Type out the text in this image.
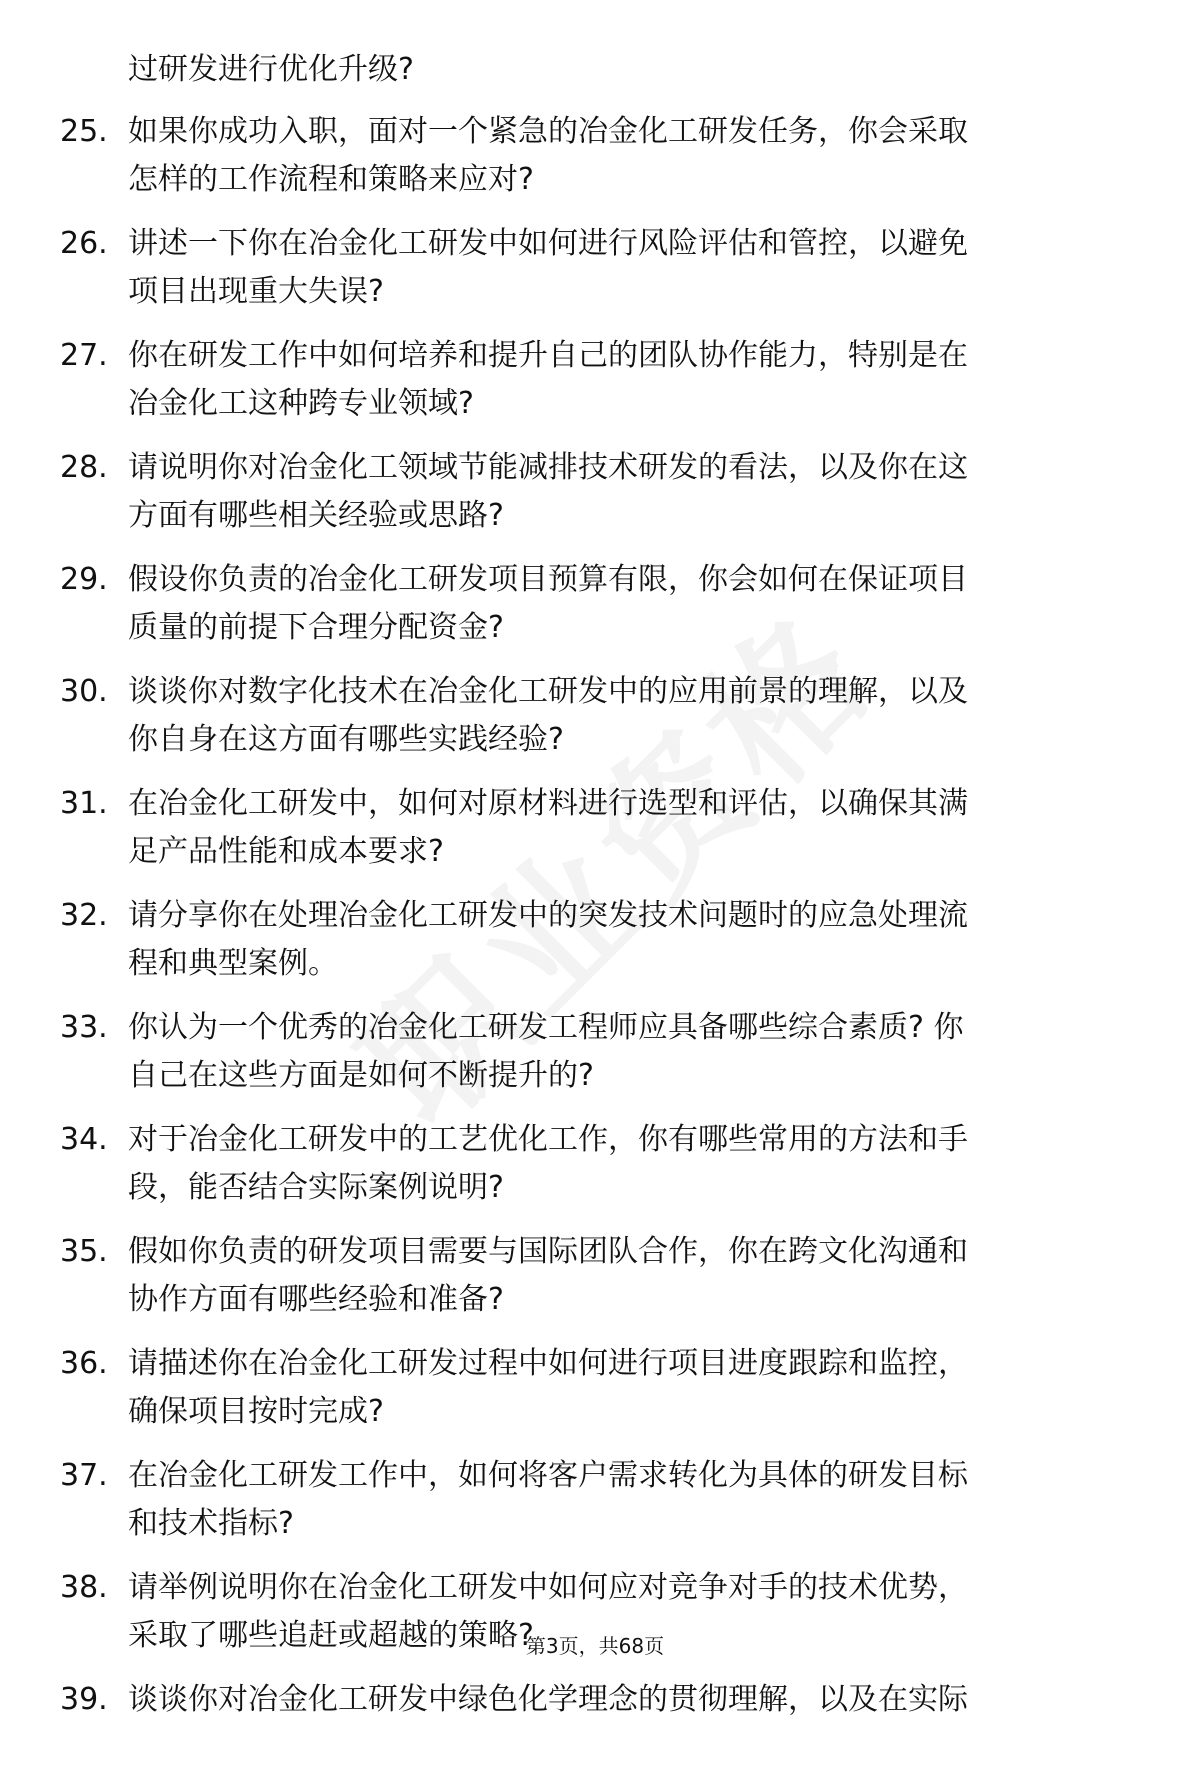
过研发进行优化升级?

25. 如果你成功入职，面对一个紧急的冶金化工研发任务，你会采取
怎样的工作流程和策略来应对?
26. 讲述一下你在冶金化工研发中如何进行风险评估和管控，以避免
项目出现重大失误?
27. 你在研发工作中如何培养和提升自己的团队协作能力，特别是在
冶金化工这种跨专业领域?
28. 请说明你对冶金化工领域节能减排技术研发的看法，以及你在这
方面有哪些相关经验或思路?
29. 假设你负责的冶金化工研发项目预算有限，你会如何在保证项目
质量的前提下合理分配资金?
30. 谈谈你对数字化技术在冶金化工研发中的应用前景的理解，以及
你自身在这方面有哪些实践经验?
31. 在冶金化工研发中，如何对原材料进行选型和评估，以确保其满
足产品性能和成本要求?
32. 请分享你在处理冶金化工研发中的突发技术问题时的应急处理流
程和典型案例。
33. 你认为一个优秀的冶金化工研发工程师应具备哪些综合素质? 你
自己在这些方面是如何不断提升的?
34. 对于冶金化工研发中的工艺优化工作，你有哪些常用的方法和手
段，能否结合实际案例说明?
35. 假如你负责的研发项目需要与国际团队合作，你在跨文化沟通和
协作方面有哪些经验和准备?
36. 请描述你在冶金化工研发过程中如何进行项目进度跟踪和监控，
确保项目按时完成?
37. 在冶金化工研发工作中，如何将客户需求转化为具体的研发目标
和技术指标?
38. 请举例说明你在冶金化工研发中如何应对竞争对手的技术优势，
采取了哪些追赶或超越的策略?
39. 谈谈你对冶金化工研发中绿色化学理念的贯彻理解，以及在实际
第3页，共68页
